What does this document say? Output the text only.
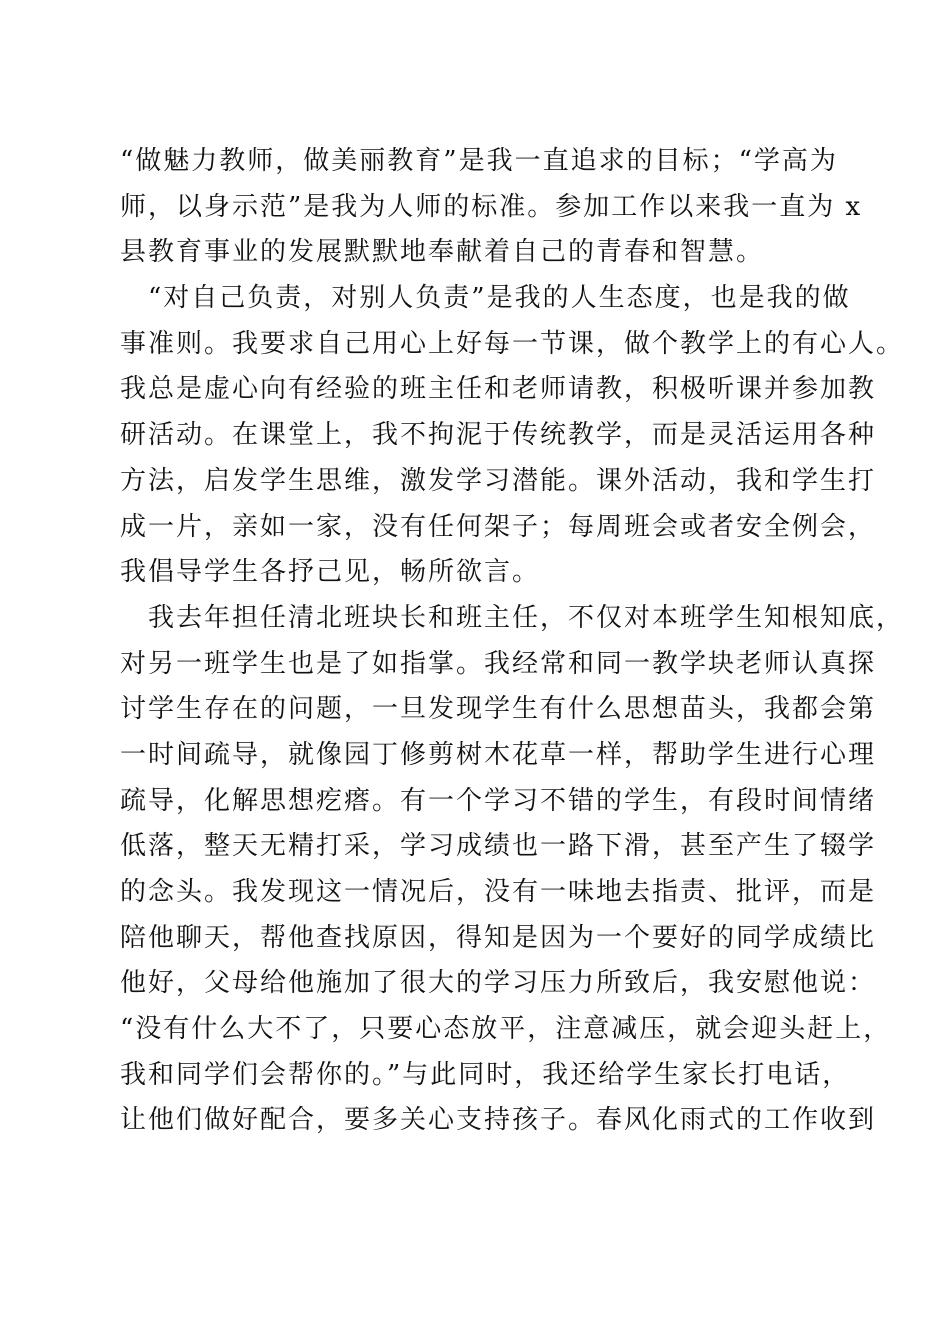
“做魅力教师，做美丽教育”是我一直追求的目标；“学高为
师，以身示范”是我为人师的标准。参加工作以来我一直为 x
县教育事业的发展默默地奉献着自己的青春和智慧。
　“对自己负责，对别人负责”是我的人生态度，也是我的做
事准则。我要求自己用心上好每一节课，做个教学上的有心人。
我总是虚心向有经验的班主任和老师请教，积极听课并参加教
研活动。在课堂上，我不拘泥于传统教学，而是灵活运用各种
方法，启发学生思维，激发学习潜能。课外活动，我和学生打
成一片，亲如一家，没有任何架子；每周班会或者安全例会，
我倡导学生各抒己见，畅所欲言。
　我去年担任清北班块长和班主任，不仅对本班学生知根知底，
对另一班学生也是了如指掌。我经常和同一教学块老师认真探
讨学生存在的问题，一旦发现学生有什么思想苗头，我都会第
一时间疏导，就像园丁修剪树木花草一样，帮助学生进行心理
疏导，化解思想疙瘩。有一个学习不错的学生，有段时间情绪
低落，整天无精打采，学习成绩也一路下滑，甚至产生了辍学
的念头。我发现这一情况后，没有一味地去指责、批评，而是
陪他聊天，帮他查找原因，得知是因为一个要好的同学成绩比
他好，父母给他施加了很大的学习压力所致后，我安慰他说：
“没有什么大不了，只要心态放平，注意减压，就会迎头赶上，
我和同学们会帮你的。”与此同时，我还给学生家长打电话，
让他们做好配合，要多关心支持孩子。春风化雨式的工作收到
